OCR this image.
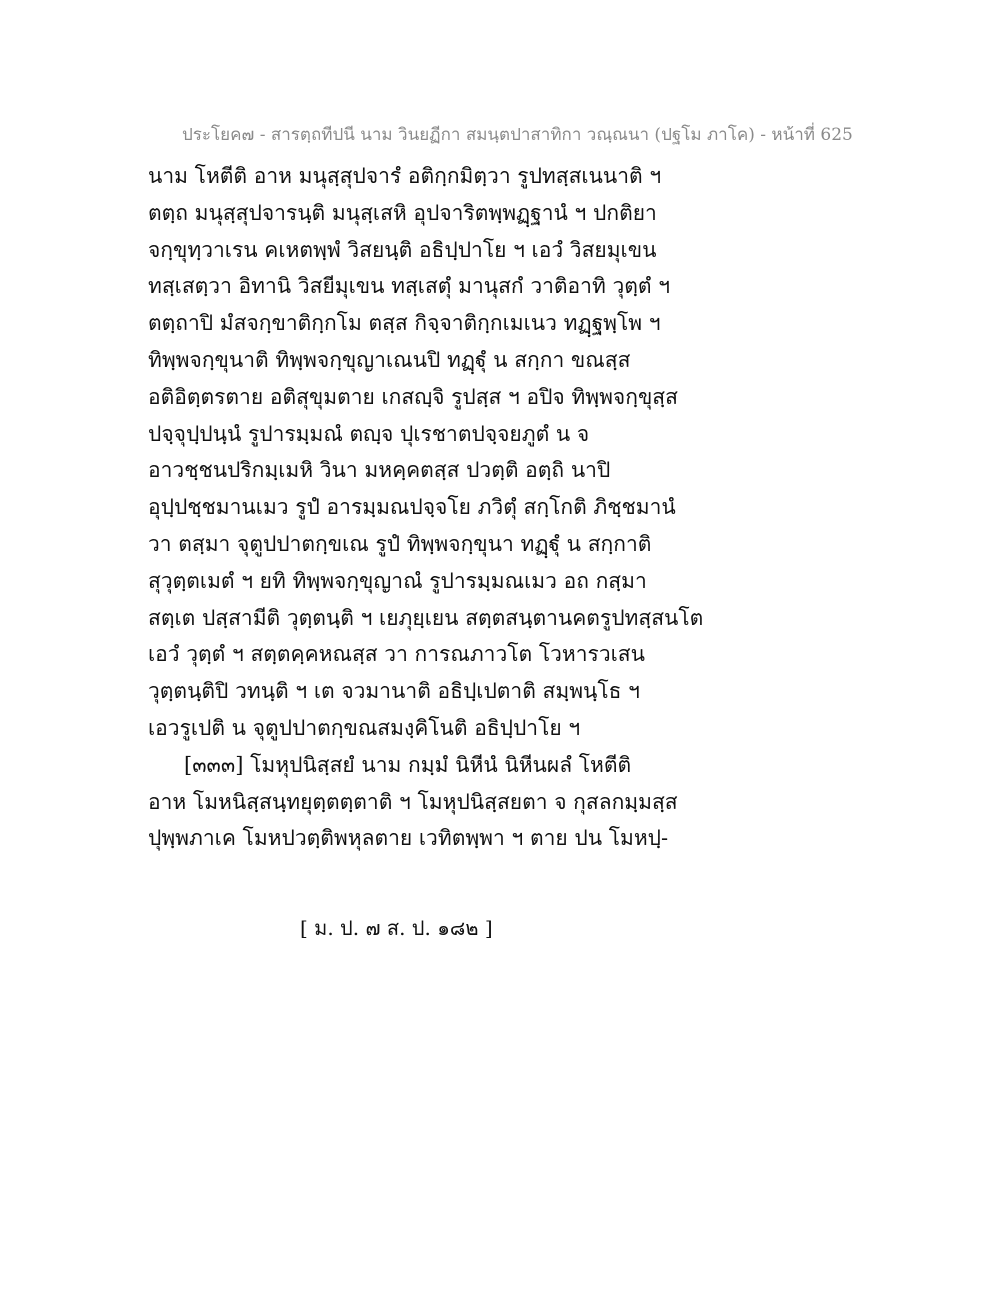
ประโยค๗ - สารตฺถทีปนี นาม วินยฏีกา สมนฺตปาสาทิกา วณฺณนา (ปฐโม ภาโค) - หน้าที่ 625
นาม โหตีติ อาห มนุสฺสุปจารํ อติกฺกมิตฺวา รูปทสฺสเนนาติ ฯ
ตตฺถ มนุสฺสุปจารนฺติ มนุสฺเสหิ อุปจาริตพฺพฏฺฐานํ ฯ ปกติยา
จกฺขุทฺวาเรน คเหตพฺพํ วิสยนฺติ อธิปฺปาโย ฯ เอวํ วิสยมุเขน
ทสฺเสตฺวา อิทานิ วิสยีมุเขน ทสฺเสตุํ มานุสกํ วาติอาทิ วุตฺตํ ฯ
ตตฺถาปิ มํสจกฺขาติกฺกโม ตสฺส กิจฺจาติกฺกเมเนว ทฏฺฐพฺโพ ฯ
ทิพฺพจกฺขุนาติ ทิพฺพจกฺขุญาเณนปิ ทฏฺฐุํ น สกฺกา ขณสฺส
อติอิตฺตรตาย อติสุขุมตาย เกสญฺจิ รูปสฺส ฯ อปิจ ทิพฺพจกฺขุสฺส
ปจฺจุปฺปนฺนํ รูปารมฺมณํ ตญฺจ ปุเรชาตปจฺจยภูตํ น จ
อาวชฺชนปริกมฺเมหิ วินา มหคฺคตสฺส ปวตฺติ อตฺถิ นาปิ
อุปฺปชฺชมานเมว รูปํ อารมฺมณปจฺจโย ภวิตุํ สกฺโกติ ภิชฺชมานํ
วา ตสฺมา จุตูปปาตกฺขเณ รูปํ ทิพฺพจกฺขุนา ทฏฺฐุํ น สกฺกาติ
สุวุตฺตเมตํ ฯ ยทิ ทิพฺพจกฺขุญาณํ รูปารมฺมณเมว อถ กสฺมา
สตฺเต ปสฺสามีติ วุตฺตนฺติ ฯ เยภุยฺเยน สตฺตสนฺตานคตรูปทสฺสนโต
เอวํ วุตฺตํ ฯ สตฺตคฺคหณสฺส วา การณภาวโต โวหารวเสน
วุตฺตนฺติปิ วทนฺติ ฯ เต จวมานาติ อธิปฺเปตาติ สมฺพนฺโธ ฯ
เอวรูเปติ น จุตูปปาตกฺขณสมงฺคิโนติ อธิปฺปาโย ฯ
[๓๓๓] โมหุปนิสฺสยํ นาม กมฺมํ นิหีนํ นิหีนผลํ โหตีติ
อาห โมหนิสฺสนฺทยุตฺตตฺตาติ ฯ โมหุปนิสฺสยตา จ กุสลกมฺมสฺส
ปุพฺพภาเค โมหปวตฺติพหุลตาย เวทิตพฺพา ฯ ตาย ปน โมหปฺ-
[ ม. ป. ๗ ส. ป. ๑๘๒ ]
